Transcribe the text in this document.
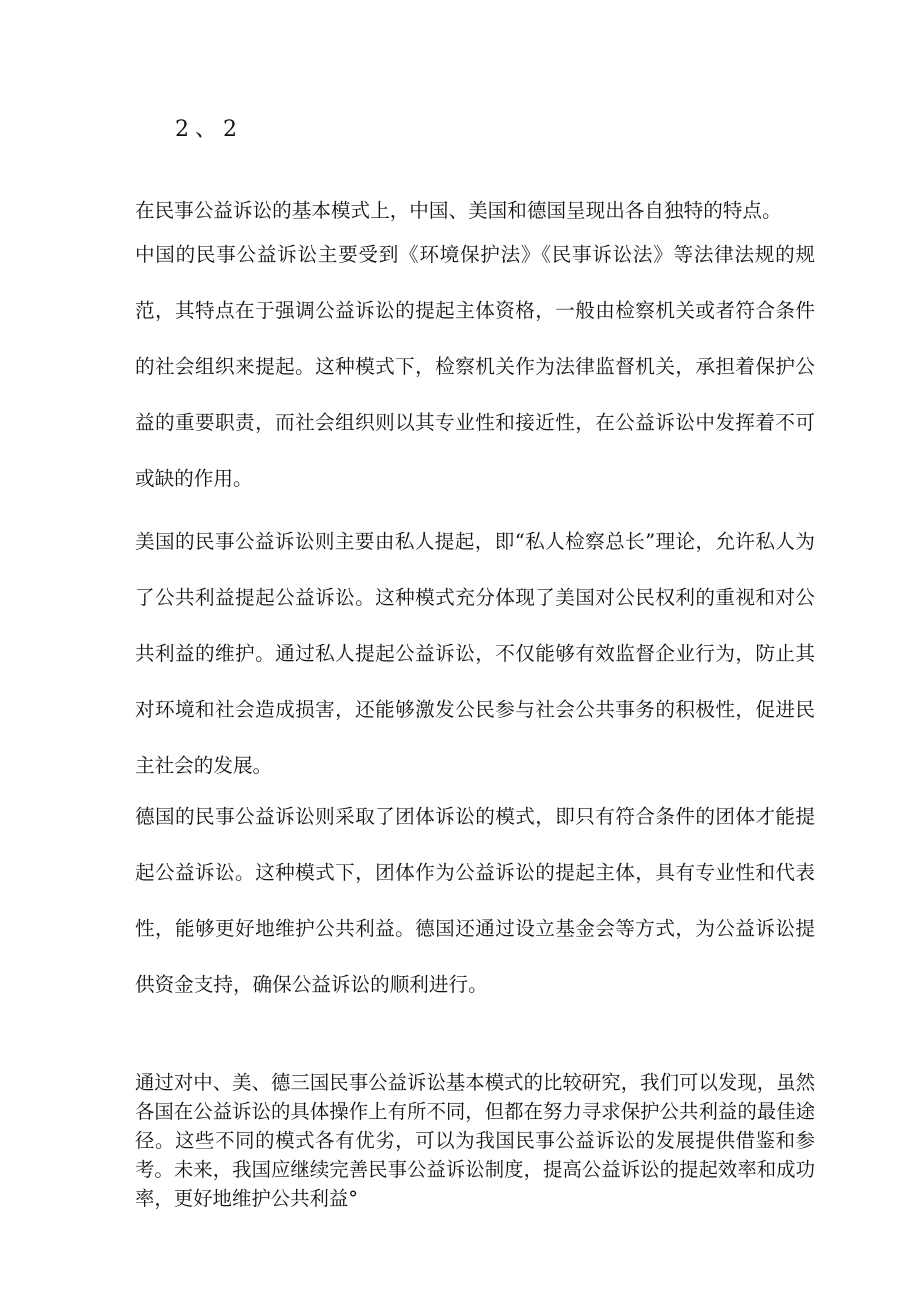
2、2

在民事公益诉讼的基本模式上，中国、美国和德国呈现出各自独特的特点。

中国的民事公益诉讼主要受到《环境保护法》《民事诉讼法》等法律法规的规范，其特点在于强调公益诉讼的提起主体资格，一般由检察机关或者符合条件的社会组织来提起。这种模式下，检察机关作为法律监督机关，承担着保护公益的重要职责，而社会组织则以其专业性和接近性，在公益诉讼中发挥着不可或缺的作用。

美国的民事公益诉讼则主要由私人提起，即“私人检察总长”理论，允许私人为了公共利益提起公益诉讼。这种模式充分体现了美国对公民权利的重视和对公共利益的维护。通过私人提起公益诉讼，不仅能够有效监督企业行为，防止其对环境和社会造成损害，还能够激发公民参与社会公共事务的积极性，促进民主社会的发展。

德国的民事公益诉讼则采取了团体诉讼的模式，即只有符合条件的团体才能提起公益诉讼。这种模式下，团体作为公益诉讼的提起主体，具有专业性和代表性，能够更好地维护公共利益。德国还通过设立基金会等方式，为公益诉讼提供资金支持，确保公益诉讼的顺利进行。

通过对中、美、德三国民事公益诉讼基本模式的比较研究，我们可以发现，虽然各国在公益诉讼的具体操作上有所不同，但都在努力寻求保护公共利益的最佳途径。这些不同的模式各有优劣，可以为我国民事公益诉讼的发展提供借鉴和参考。未来，我国应继续完善民事公益诉讼制度，提高公益诉讼的提起效率和成功率，更好地维护公共利益°
